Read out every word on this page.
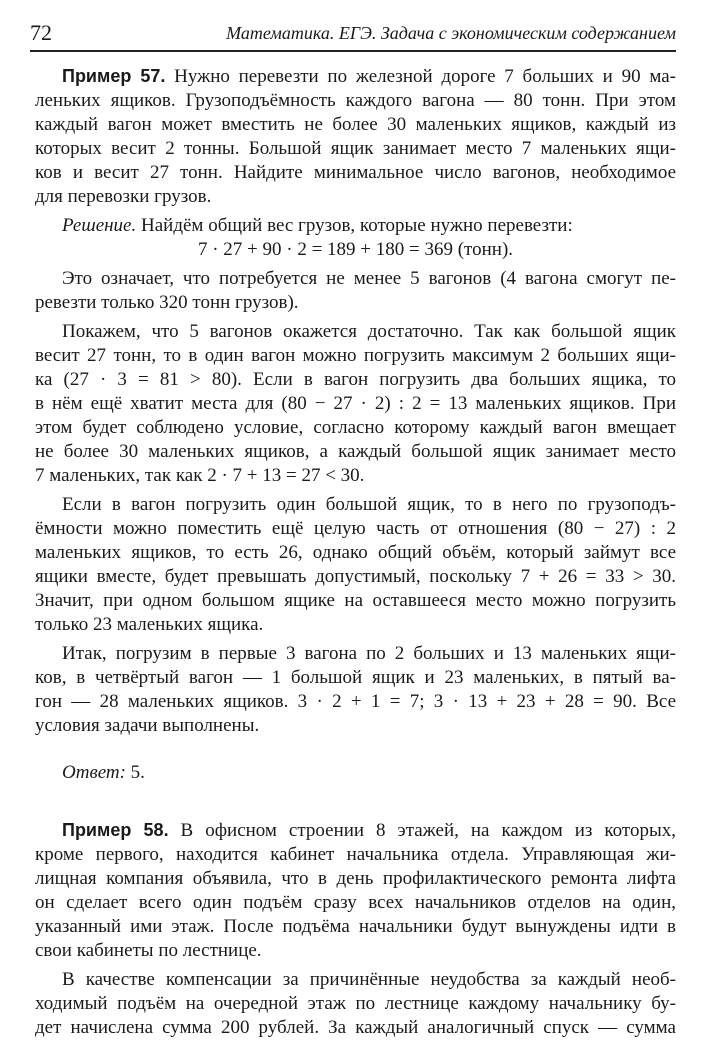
72	Математика. ЕГЭ. Задача с экономическим содержанием
Пример 57. Нужно перевезти по железной дороге 7 больших и 90 ма-
леньких ящиков. Грузоподъёмность каждого вагона — 80 тонн. При этом
каждый вагон может вместить не более 30 маленьких ящиков, каждый из
которых весит 2 тонны. Большой ящик занимает место 7 маленьких ящи-
ков и весит 27 тонн. Найдите минимальное число вагонов, необходимое
для перевозки грузов.
Решение. Найдём общий вес грузов, которые нужно перевезти:
7 · 27 + 90 · 2 = 189 + 180 = 369 (тонн).
Это означает, что потребуется не менее 5 вагонов (4 вагона смогут пе-
ревезти только 320 тонн грузов).
Покажем, что 5 вагонов окажется достаточно. Так как большой ящик
весит 27 тонн, то в один вагон можно погрузить максимум 2 больших ящи-
ка (27 · 3 = 81 > 80). Если в вагон погрузить два больших ящика, то
в нём ещё хватит места для (80 − 27 · 2) : 2 = 13 маленьких ящиков. При
этом будет соблюдено условие, согласно которому каждый вагон вмещает
не более 30 маленьких ящиков, а каждый большой ящик занимает место
7 маленьких, так как 2 · 7 + 13 = 27 < 30.
Если в вагон погрузить один большой ящик, то в него по грузоподъ-
ёмности можно поместить ещё целую часть от отношения (80 − 27) : 2
маленьких ящиков, то есть 26, однако общий объём, который займут все
ящики вместе, будет превышать допустимый, поскольку 7 + 26 = 33 > 30.
Значит, при одном большом ящике на оставшееся место можно погрузить
только 23 маленьких ящика.
Итак, погрузим в первые 3 вагона по 2 больших и 13 маленьких ящи-
ков, в четвёртый вагон — 1 большой ящик и 23 маленьких, в пятый ва-
гон — 28 маленьких ящиков. 3 · 2 + 1 = 7; 3 · 13 + 23 + 28 = 90. Все
условия задачи выполнены.
Ответ: 5.
Пример 58. В офисном строении 8 этажей, на каждом из которых,
кроме первого, находится кабинет начальника отдела. Управляющая жи-
лищная компания объявила, что в день профилактического ремонта лифта
он сделает всего один подъём сразу всех начальников отделов на один,
указанный ими этаж. После подъёма начальники будут вынуждены идти в
свои кабинеты по лестнице.
В качестве компенсации за причинённые неудобства за каждый необ-
ходимый подъём на очередной этаж по лестнице каждому начальнику бу-
дет начислена сумма 200 рублей. За каждый аналогичный спуск — сумма
